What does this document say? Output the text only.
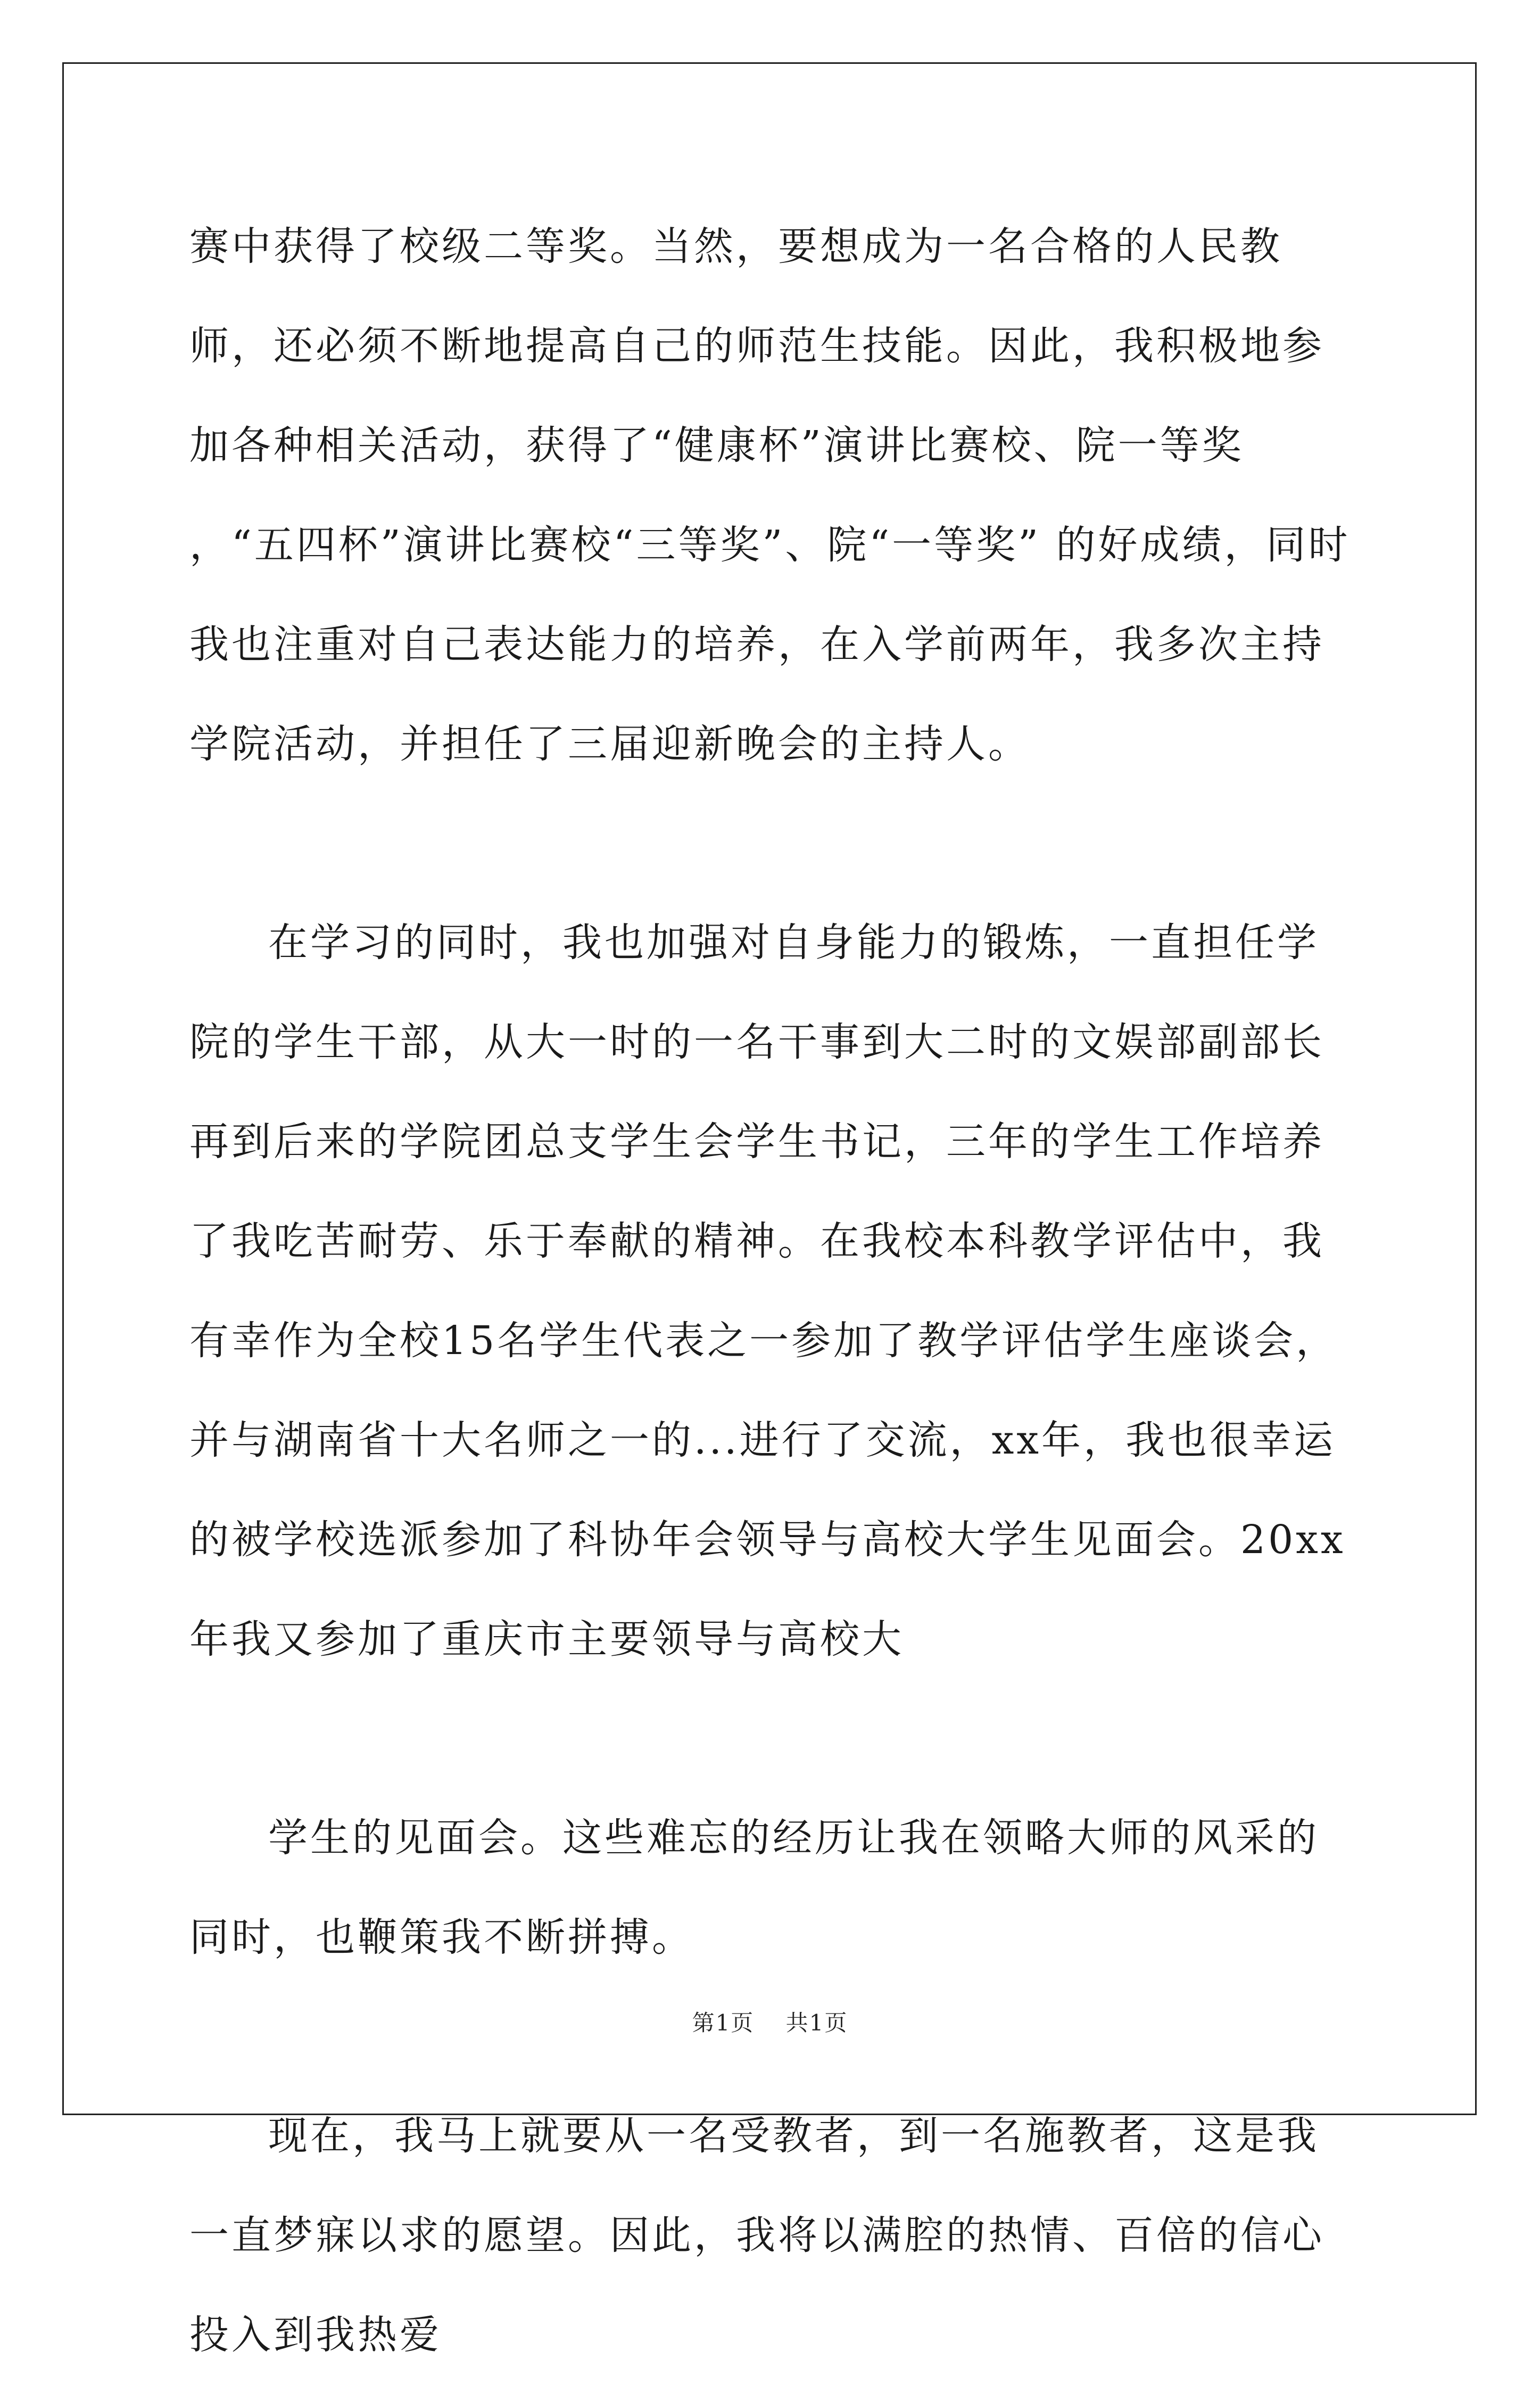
赛中获得了校级二等奖。当然，要想成为一名合格的人民教师，还必须不断地提高自己的师范生技能。因此，我积极地参加各种相关活动，获得了“健康杯”演讲比赛校、院一等奖 ，“五四杯”演讲比赛校“三等奖”、院“一等奖” 的好成绩，同时我也注重对自己表达能力的培养，在入学前两年，我多次主持学院活动，并担任了三届迎新晚会的主持人。

在学习的同时，我也加强对自身能力的锻炼，一直担任学院的学生干部，从大一时的一名干事到大二时的文娱部副部长再到后来的学院团总支学生会学生书记，三年的学生工作培养了我吃苦耐劳、乐于奉献的精神。在我校本科教学评估中，我有幸作为全校15名学生代表之一参加了教学评估学生座谈会，并与湖南省十大名师之一的...进行了交流，xx年，我也很幸运的被学校选派参加了科协年会领导与高校大学生见面会。20xx年我又参加了重庆市主要领导与高校大

学生的见面会。这些难忘的经历让我在领略大师的风采的同时，也鞭策我不断拼搏。

现在，我马上就要从一名受教者，到一名施教者，这是我一直梦寐以求的愿望。因此，我将以满腔的热情、百倍的信心投入到我热爱

第1页 共1页
